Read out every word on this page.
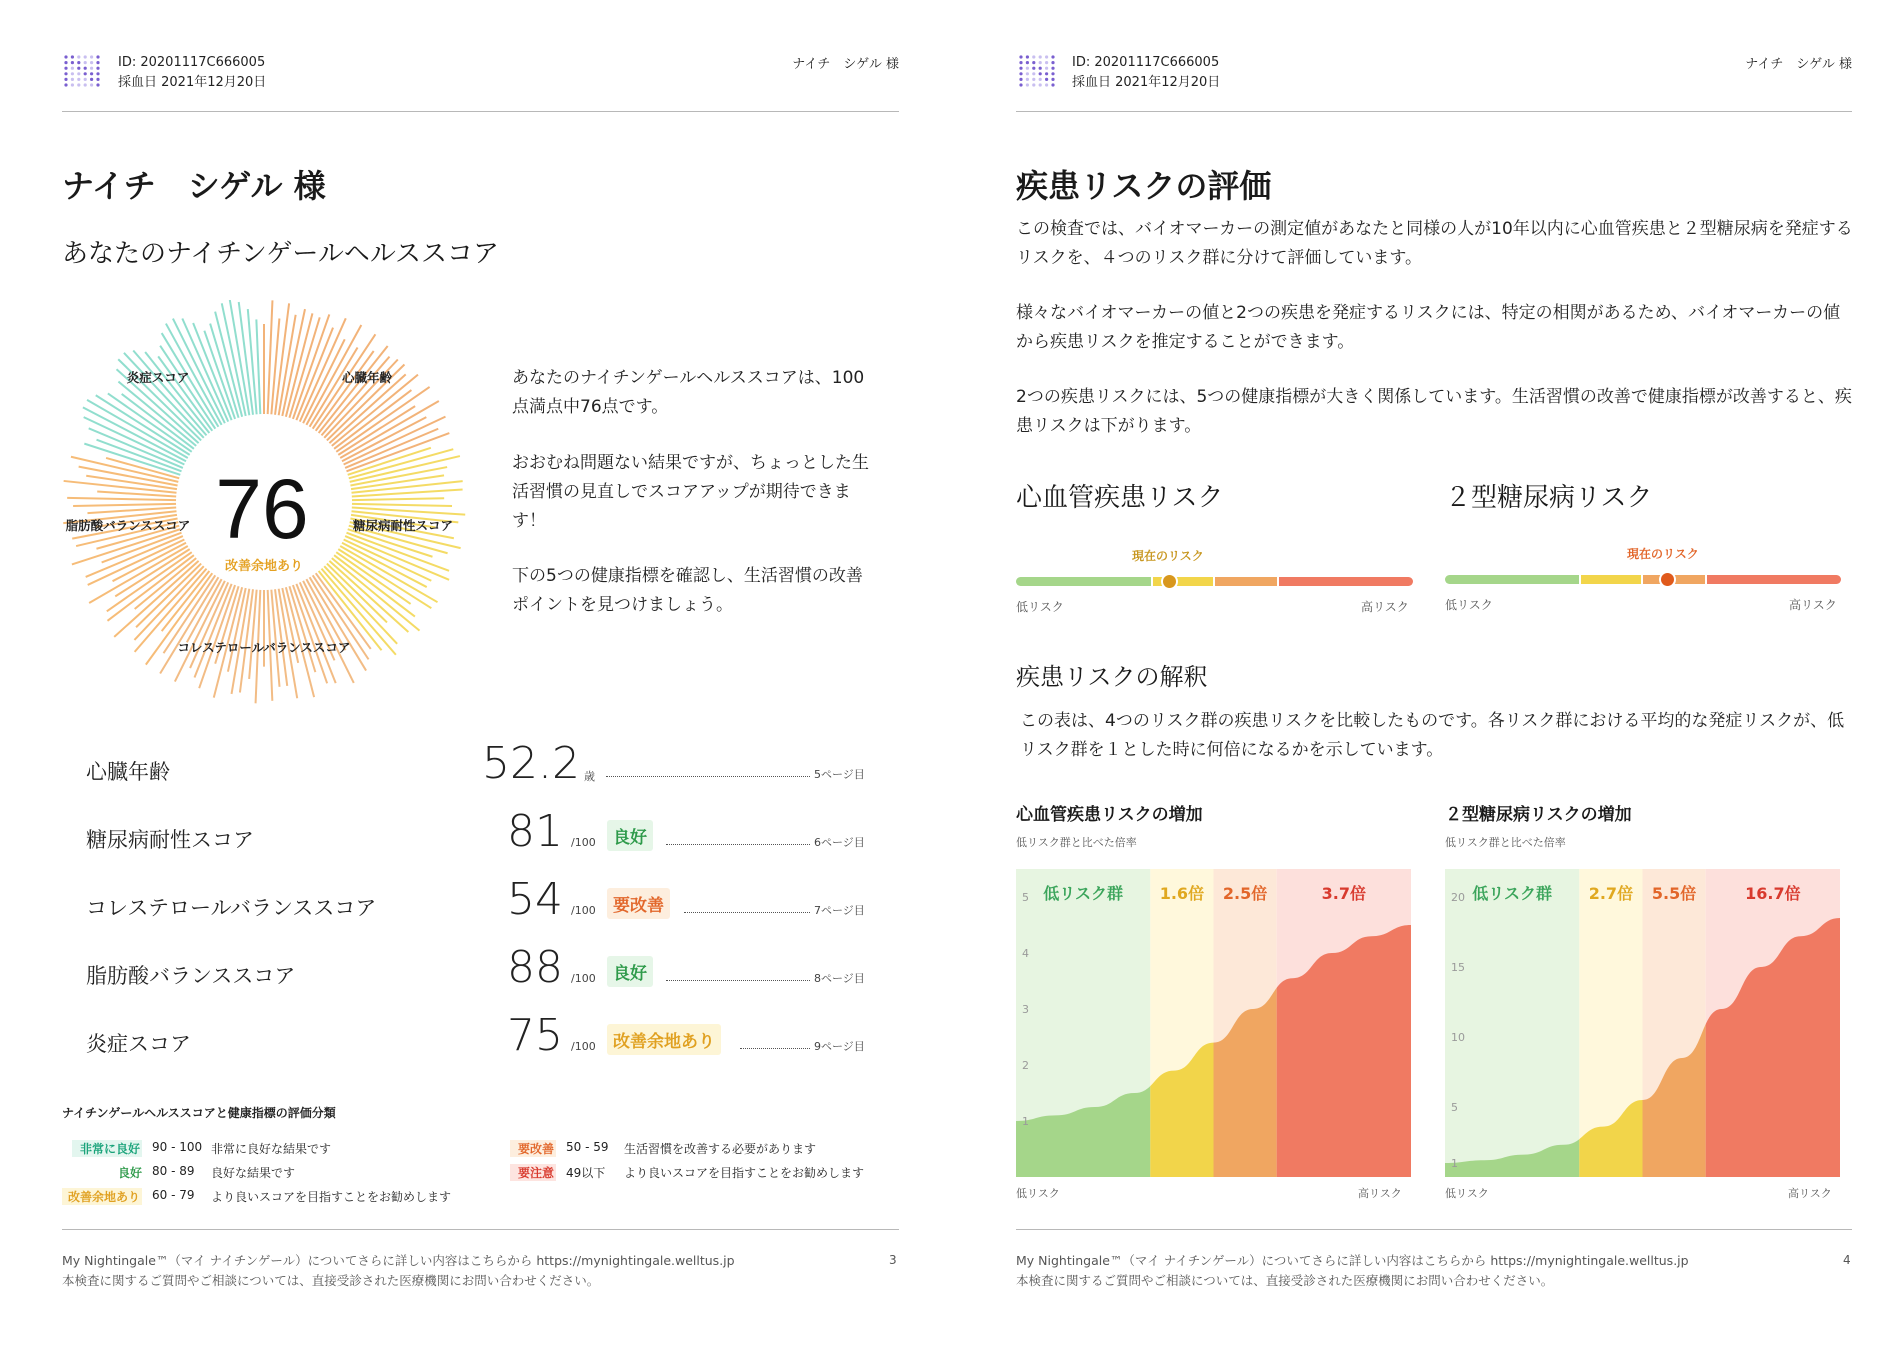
ID: 20201117C666005
採血日 2021年12月20日
ナイチ　シゲル 様
ナイチ　シゲル 様
あなたのナイチンゲールヘルススコア
炎症スコア	心臓年齢
脂肪酸バランススコア	糖尿病耐性スコア
コレステロールバランススコア
76
改善余地あり
あなたのナイチンゲールヘルススコアは、100点満点中76点です。
おおむね問題ない結果ですが、ちょっとした生活習慣の見直しでスコアアップが期待できます！
下の5つの健康指標を確認し、生活習慣の改善ポイントを見つけましょう。
心臓年齢	52.2 歳	5ページ目
糖尿病耐性スコア	81 /100	良好	6ページ目
コレステロールバランススコア	54 /100	要改善	7ページ目
脂肪酸バランススコア	88 /100	良好	8ページ目
炎症スコア	75 /100	改善余地あり	9ページ目
ナイチンゲールヘルススコアと健康指標の評価分類
非常に良好 90 - 100 非常に良好な結果です
良好 80 - 89 良好な結果です
改善余地あり 60 - 79 より良いスコアを目指すことをお勧めします
要改善 50 - 59 生活習慣を改善する必要があります
要注意 49以下 より良いスコアを目指すことをお勧めします
My Nightingale™（マイ ナイチンゲール）についてさらに詳しい内容はこちらから https://mynightingale.welltus.jp
本検査に関するご質問やご相談については、直接受診された医療機関にお問い合わせください。
3
ID: 20201117C666005
採血日 2021年12月20日
ナイチ　シゲル 様
疾患リスクの評価
この検査では、バイオマーカーの測定値があなたと同様の人が10年以内に心血管疾患と２型糖尿病を発症するリスクを、４つのリスク群に分けて評価しています。
様々なバイオマーカーの値と2つの疾患を発症するリスクには、特定の相関があるため、バイオマーカーの値から疾患リスクを推定することができます。
2つの疾患リスクには、5つの健康指標が大きく関係しています。生活習慣の改善で健康指標が改善すると、疾患リスクは下がります。
心血管疾患リスク	２型糖尿病リスク
現在のリスク
低リスク	高リスク
現在のリスク
低リスク	高リスク
疾患リスクの解釈
この表は、4つのリスク群の疾患リスクを比較したものです。各リスク群における平均的な発症リスクが、低リスク群を１とした時に何倍になるかを示しています。
心血管疾患リスクの増加
低リスク群と比べた倍率
1
2
3
4
5 低リスク群 1.6倍 2.5倍	3.7倍
低リスク	高リスク
２型糖尿病リスクの増加
低リスク群と比べた倍率
1
5
10
15
20 低リスク群 2.7倍 5.5倍	16.7倍
低リスク	高リスク
My Nightingale™（マイ ナイチンゲール）についてさらに詳しい内容はこちらから https://mynightingale.welltus.jp
本検査に関するご質問やご相談については、直接受診された医療機関にお問い合わせください。
4
